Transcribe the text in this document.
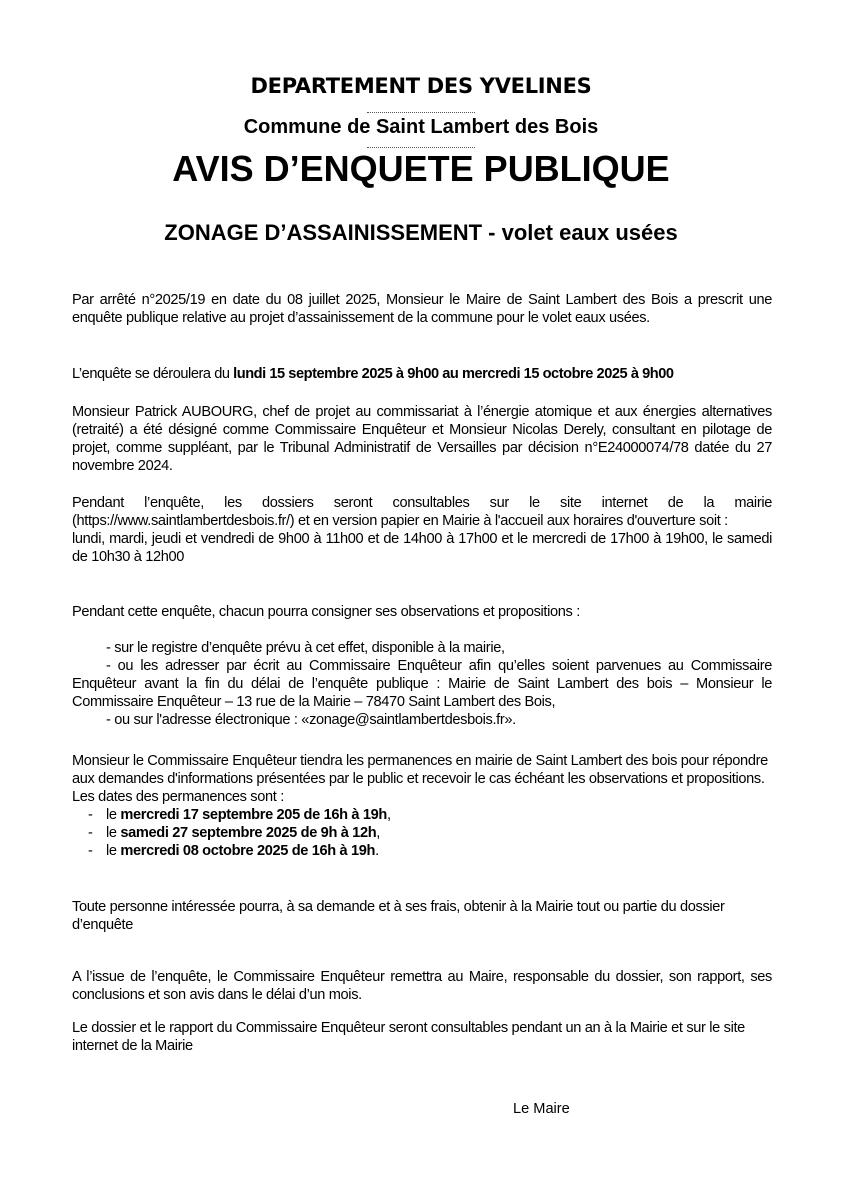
DEPARTEMENT DES YVELINES
Commune de Saint Lambert des Bois
AVIS D’ENQUETE PUBLIQUE
ZONAGE D’ASSAINISSEMENT - volet eaux usées

Par arrêté n°2025/19 en date du 08 juillet 2025, Monsieur le Maire de Saint Lambert des Bois a prescrit une enquête publique relative au projet d’assainissement de la commune pour le volet eaux usées.

L’enquête se déroulera du lundi 15 septembre 2025 à 9h00 au mercredi 15 octobre 2025 à 9h00

Monsieur Patrick AUBOURG, chef de projet au commissariat à l’énergie atomique et aux énergies alternatives (retraité) a été désigné comme Commissaire Enquêteur et Monsieur Nicolas Derely, consultant en pilotage de projet, comme suppléant, par le Tribunal Administratif de Versailles par décision n°E24000074/78 datée du 27 novembre 2024.

Pendant l’enquête, les dossiers seront consultables sur le site internet de la mairie (https://www.saintlambertdesbois.fr/) et en version papier en Mairie à l'accueil aux horaires d'ouverture soit :

lundi, mardi, jeudi et vendredi de 9h00 à 11h00 et de 14h00 à 17h00 et le mercredi de 17h00 à 19h00, le samedi de 10h30 à 12h00

Pendant cette enquête, chacun pourra consigner ses observations et propositions :

- sur le registre d’enquête prévu à cet effet, disponible à la mairie,

- ou les adresser par écrit au Commissaire Enquêteur afin qu’elles soient parvenues au Commissaire Enquêteur avant la fin du délai de l’enquête publique : Mairie de Saint Lambert des bois – Monsieur le Commissaire Enquêteur – 13 rue de la Mairie – 78470 Saint Lambert des Bois,

- ou sur l'adresse électronique : «zonage@saintlambertdesbois.fr».

Monsieur le Commissaire Enquêteur tiendra les permanences en mairie de Saint Lambert des bois pour répondre aux demandes d'informations présentées par le public et recevoir le cas échéant les observations et propositions.

Les dates des permanences sont :

- le mercredi 17 septembre 205 de 16h à 19h,
- le samedi 27 septembre 2025 de 9h à 12h,
- le mercredi 08 octobre 2025 de 16h à 19h.

Toute personne intéressée pourra, à sa demande et à ses frais, obtenir à la Mairie tout ou partie du dossier d’enquête

A l’issue de l’enquête, le Commissaire Enquêteur remettra au Maire, responsable du dossier, son rapport, ses conclusions et son avis dans le délai d’un mois.

Le dossier et le rapport du Commissaire Enquêteur seront consultables pendant un an à la Mairie et sur le site internet de la Mairie

Le Maire
